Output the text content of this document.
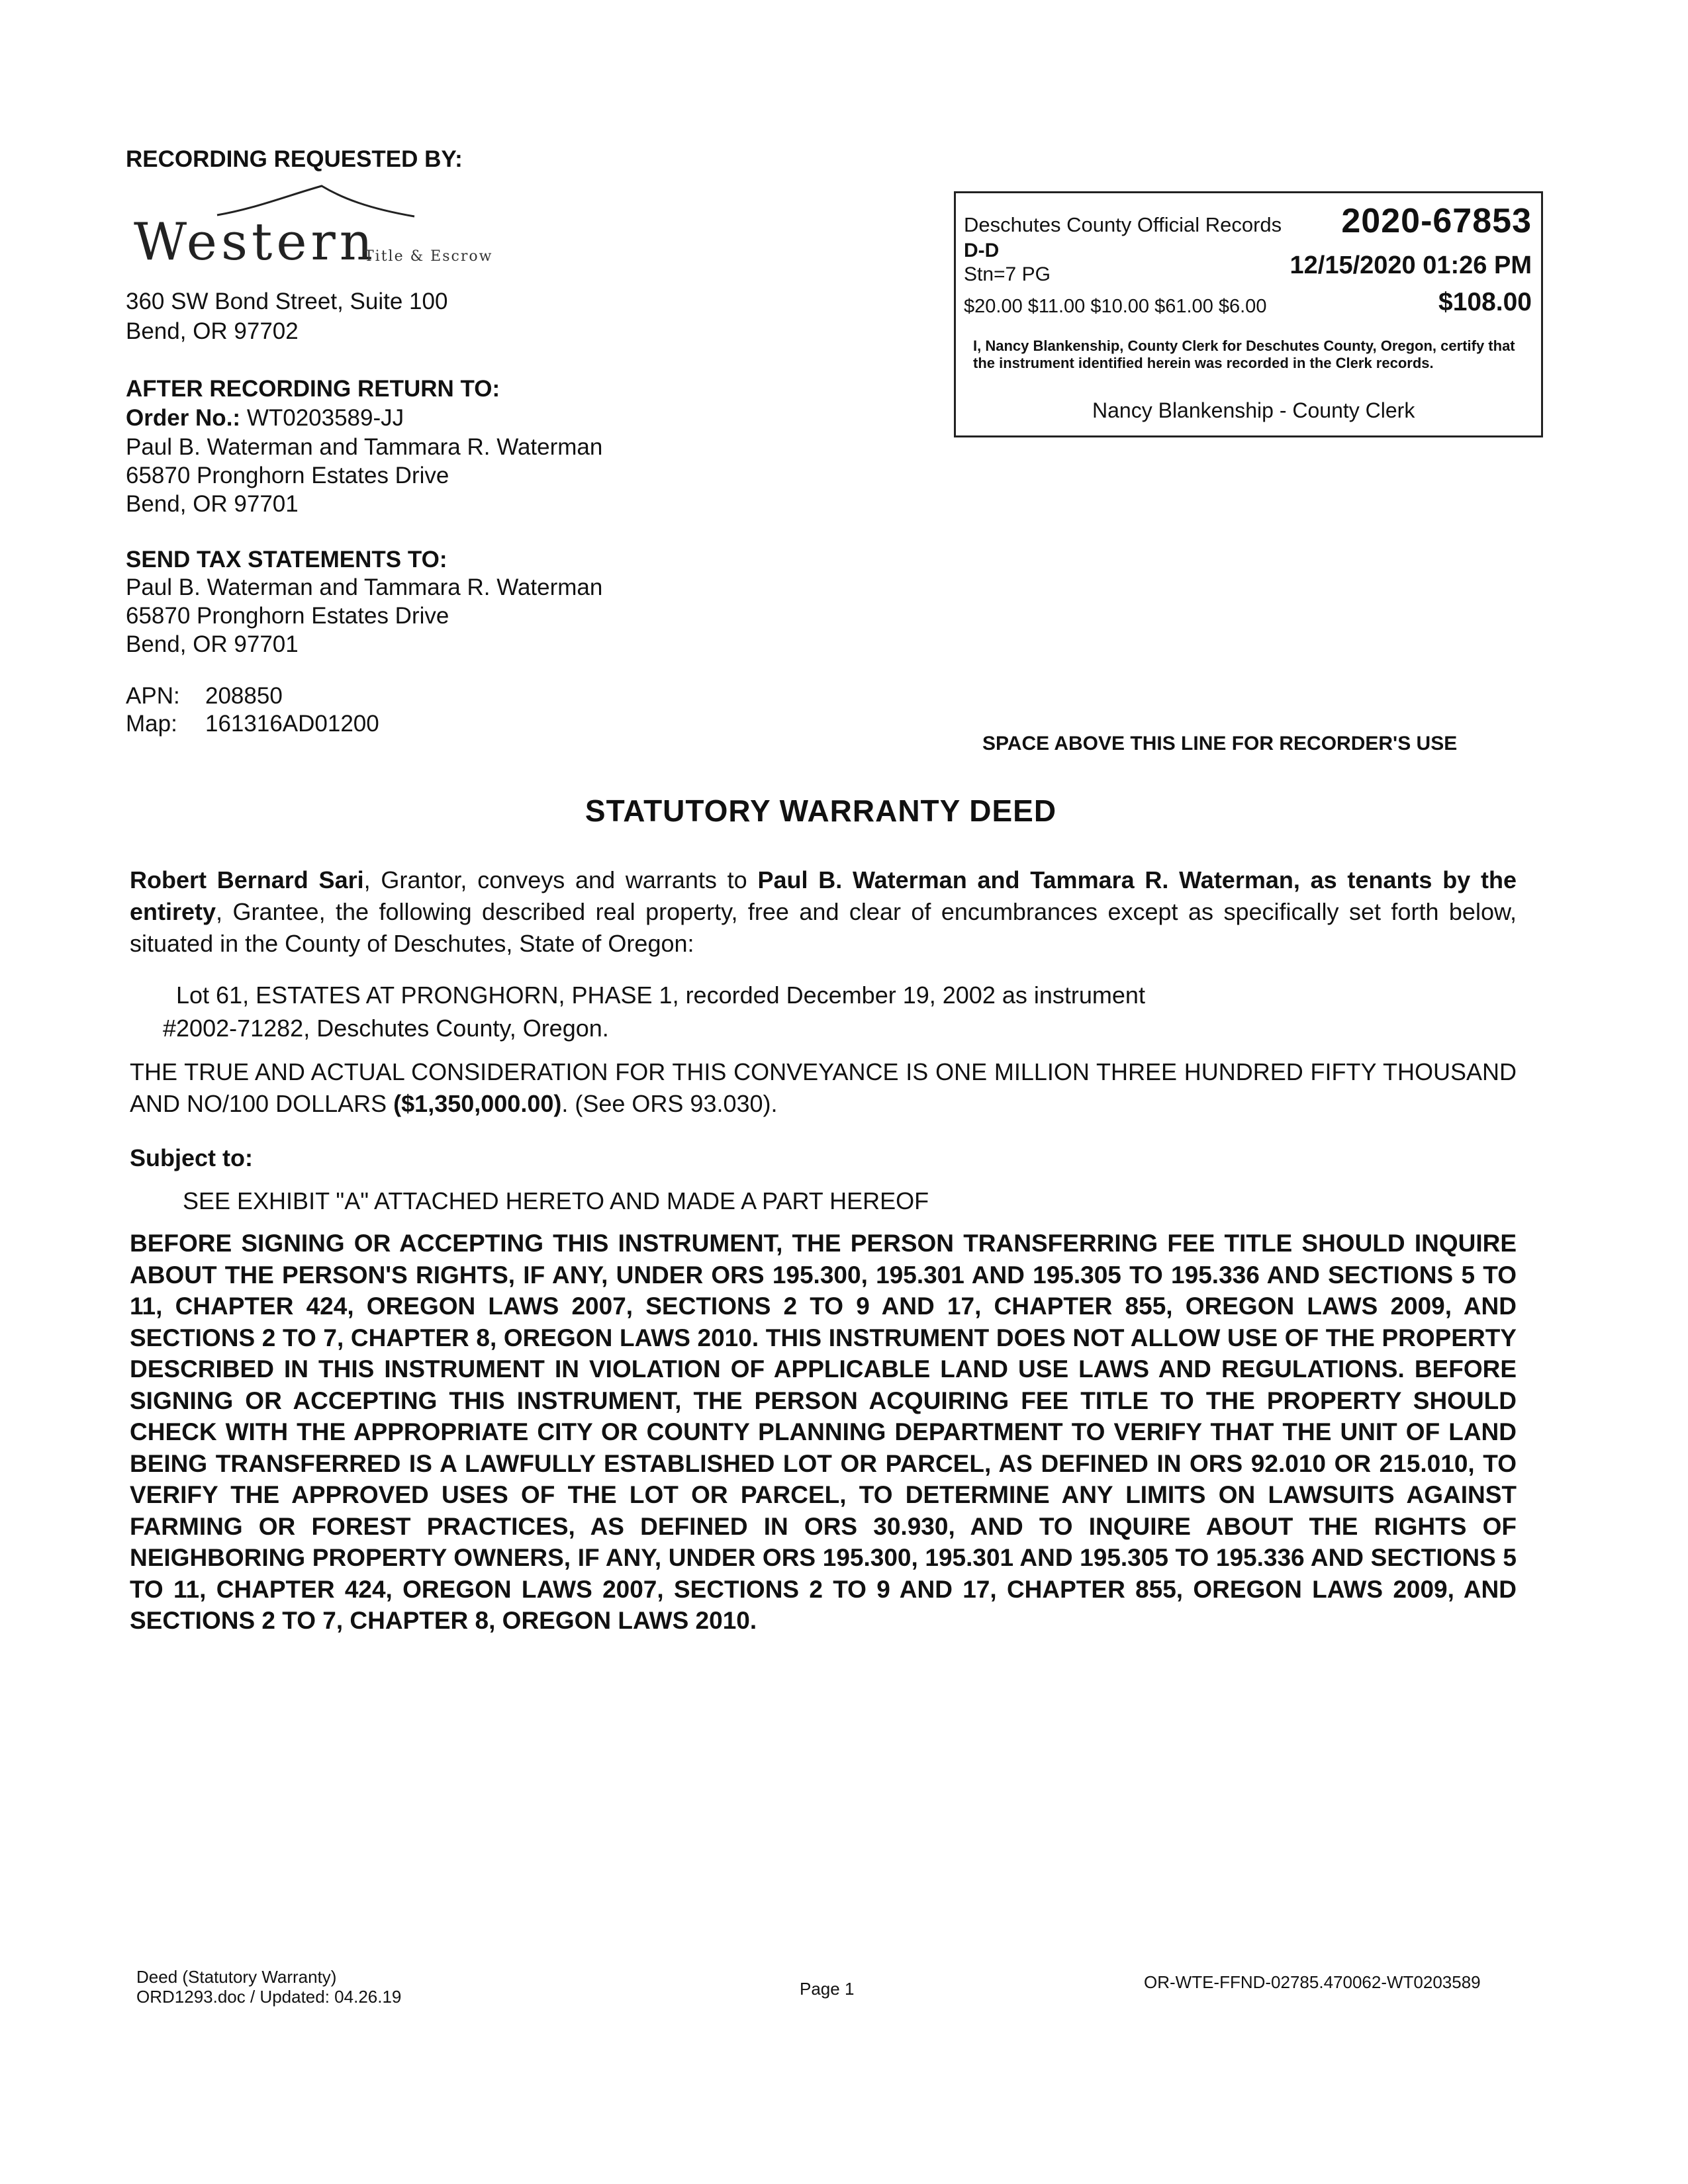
RECORDING REQUESTED BY:
Western
Title & Escrow
360 SW Bond Street, Suite 100
Bend, OR 97702
AFTER RECORDING RETURN TO:
Order No.: WT0203589-JJ
Paul B. Waterman and Tammara R. Waterman
65870 Pronghorn Estates Drive
Bend, OR 97701
SEND TAX STATEMENTS TO:
Paul B. Waterman and Tammara R. Waterman
65870 Pronghorn Estates Drive
Bend, OR 97701
APN: 208850
Map: 161316AD01200
Deschutes County Official Records 2020-67853
D-D
Stn=7 PG	12/15/2020 01:26 PM
$20.00 $11.00 $10.00 $61.00 $6.00	$108.00
I, Nancy Blankenship, County Clerk for Deschutes County, Oregon, certify that the instrument identified herein was recorded in the Clerk records.
Nancy Blankenship - County Clerk
SPACE ABOVE THIS LINE FOR RECORDER'S USE
STATUTORY WARRANTY DEED
Robert Bernard Sari, Grantor, conveys and warrants to Paul B. Waterman and Tammara R. Waterman, as tenants by the entirety, Grantee, the following described real property, free and clear of encumbrances except as specifically set forth below, situated in the County of Deschutes, State of Oregon:
Lot 61, ESTATES AT PRONGHORN, PHASE 1, recorded December 19, 2002 as instrument
#2002-71282, Deschutes County, Oregon.
THE TRUE AND ACTUAL CONSIDERATION FOR THIS CONVEYANCE IS ONE MILLION THREE HUNDRED FIFTY THOUSAND AND NO/100 DOLLARS ($1,350,000.00). (See ORS 93.030).
Subject to:
SEE EXHIBIT "A" ATTACHED HERETO AND MADE A PART HEREOF
BEFORE SIGNING OR ACCEPTING THIS INSTRUMENT, THE PERSON TRANSFERRING FEE TITLE SHOULD INQUIRE ABOUT THE PERSON'S RIGHTS, IF ANY, UNDER ORS 195.300, 195.301 AND 195.305 TO 195.336 AND SECTIONS 5 TO 11, CHAPTER 424, OREGON LAWS 2007, SECTIONS 2 TO 9 AND 17, CHAPTER 855, OREGON LAWS 2009, AND SECTIONS 2 TO 7, CHAPTER 8, OREGON LAWS 2010. THIS INSTRUMENT DOES NOT ALLOW USE OF THE PROPERTY DESCRIBED IN THIS INSTRUMENT IN VIOLATION OF APPLICABLE LAND USE LAWS AND REGULATIONS. BEFORE SIGNING OR ACCEPTING THIS INSTRUMENT, THE PERSON ACQUIRING FEE TITLE TO THE PROPERTY SHOULD CHECK WITH THE APPROPRIATE CITY OR COUNTY PLANNING DEPARTMENT TO VERIFY THAT THE UNIT OF LAND BEING TRANSFERRED IS A LAWFULLY ESTABLISHED LOT OR PARCEL, AS DEFINED IN ORS 92.010 OR 215.010, TO VERIFY THE APPROVED USES OF THE LOT OR PARCEL, TO DETERMINE ANY LIMITS ON LAWSUITS AGAINST FARMING OR FOREST PRACTICES, AS DEFINED IN ORS 30.930, AND TO INQUIRE ABOUT THE RIGHTS OF NEIGHBORING PROPERTY OWNERS, IF ANY, UNDER ORS 195.300, 195.301 AND 195.305 TO 195.336 AND SECTIONS 5 TO 11, CHAPTER 424, OREGON LAWS 2007, SECTIONS 2 TO 9 AND 17, CHAPTER 855, OREGON LAWS 2009, AND SECTIONS 2 TO 7, CHAPTER 8, OREGON LAWS 2010.
Deed (Statutory Warranty)
ORD1293.doc / Updated: 04.26.19	Page 1	OR-WTE-FFND-02785.470062-WT0203589
